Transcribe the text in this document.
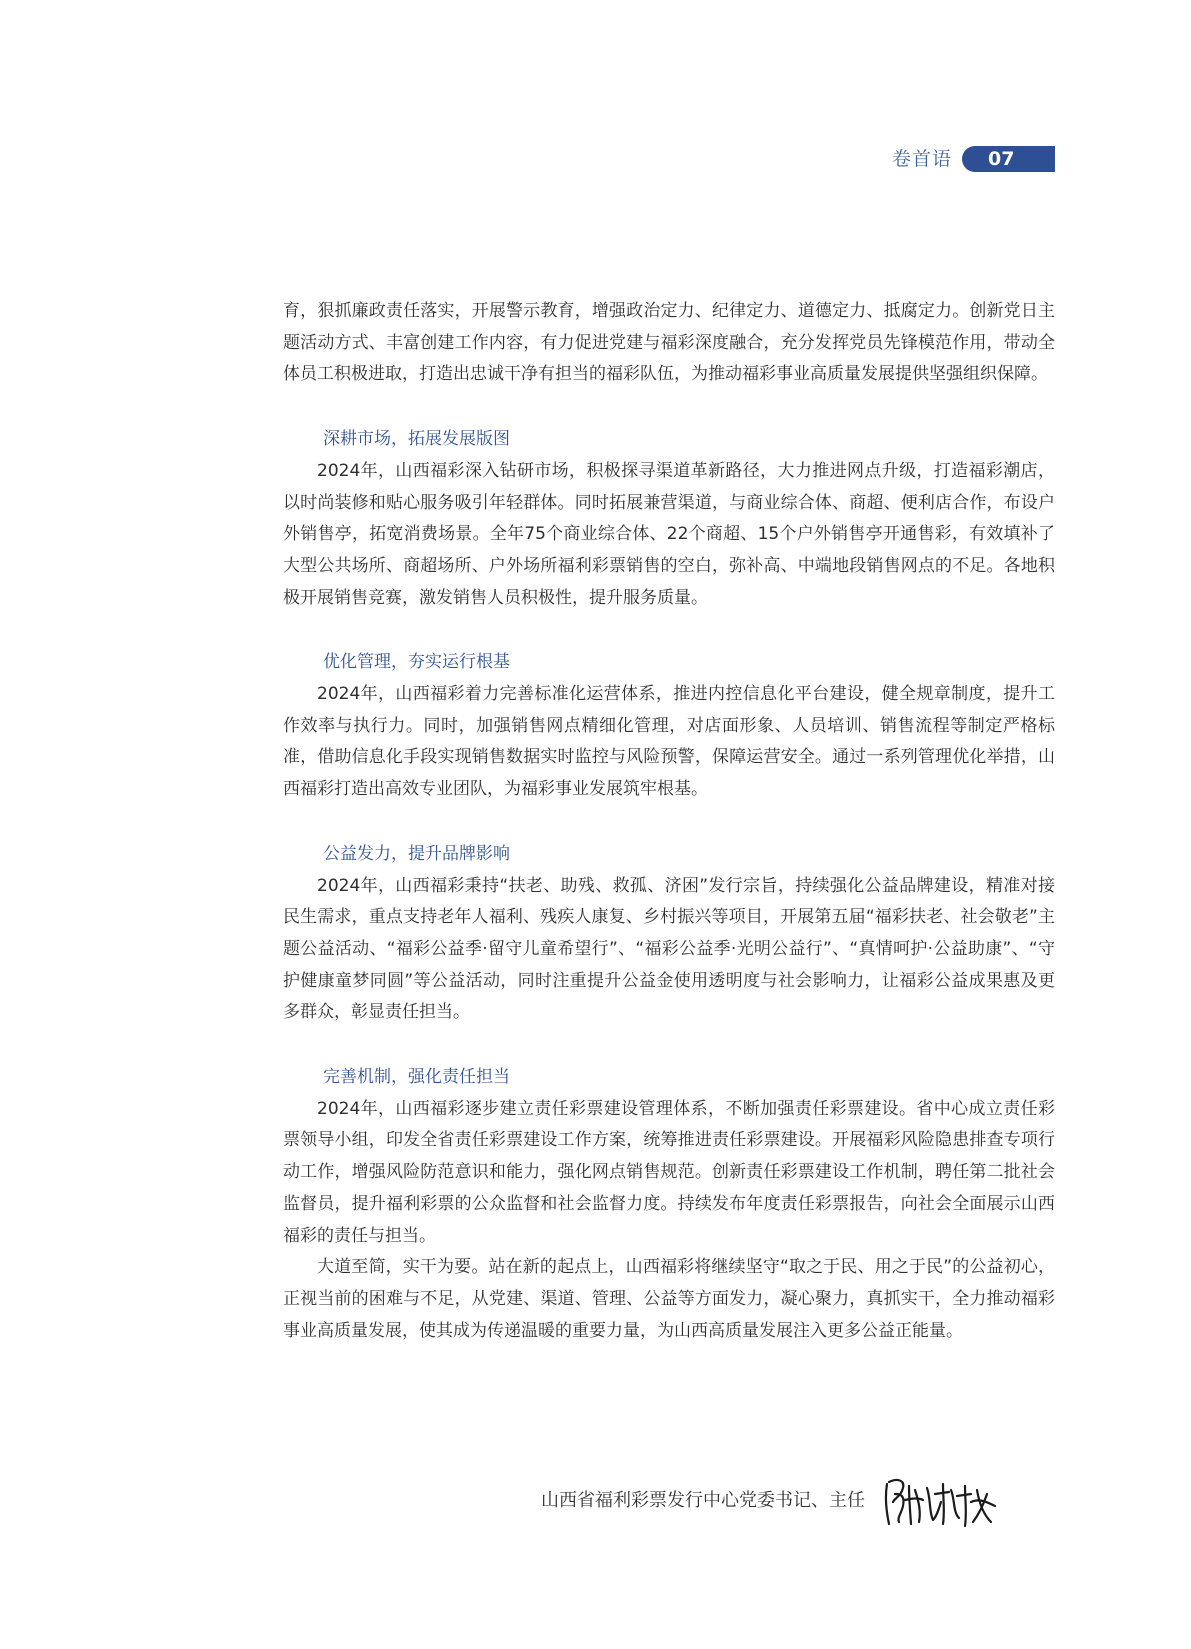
卷首语	07

育，狠抓廉政责任落实，开展警示教育，增强政治定力、纪律定力、道德定力、抵腐定力。创新党日主题活动方式、丰富创建工作内容，有力促进党建与福彩深度融合，充分发挥党员先锋模范作用，带动全体员工积极进取，打造出忠诚干净有担当的福彩队伍，为推动福彩事业高质量发展提供坚强组织保障。

深耕市场，拓展发展版图

2024年，山西福彩深入钻研市场，积极探寻渠道革新路径，大力推进网点升级，打造福彩潮店，以时尚装修和贴心服务吸引年轻群体。同时拓展兼营渠道，与商业综合体、商超、便利店合作，布设户外销售亭，拓宽消费场景。全年75个商业综合体、22个商超、15个户外销售亭开通售彩，有效填补了大型公共场所、商超场所、户外场所福利彩票销售的空白，弥补高、中端地段销售网点的不足。各地积极开展销售竞赛，激发销售人员积极性，提升服务质量。

优化管理，夯实运行根基

2024年，山西福彩着力完善标准化运营体系，推进内控信息化平台建设，健全规章制度，提升工作效率与执行力。同时，加强销售网点精细化管理，对店面形象、人员培训、销售流程等制定严格标准，借助信息化手段实现销售数据实时监控与风险预警，保障运营安全。通过一系列管理优化举措，山西福彩打造出高效专业团队，为福彩事业发展筑牢根基。

公益发力，提升品牌影响

2024年，山西福彩秉持“扶老、助残、救孤、济困”发行宗旨，持续强化公益品牌建设，精准对接民生需求，重点支持老年人福利、残疾人康复、乡村振兴等项目，开展第五届“福彩扶老、社会敬老”主题公益活动、“福彩公益季·留守儿童希望行”、“福彩公益季·光明公益行”、“真情呵护·公益助康”、“守护健康童梦同圆”等公益活动，同时注重提升公益金使用透明度与社会影响力，让福彩公益成果惠及更多群众，彰显责任担当。

完善机制，强化责任担当

2024年，山西福彩逐步建立责任彩票建设管理体系，不断加强责任彩票建设。省中心成立责任彩票领导小组，印发全省责任彩票建设工作方案，统筹推进责任彩票建设。开展福彩风险隐患排查专项行动工作，增强风险防范意识和能力，强化网点销售规范。创新责任彩票建设工作机制，聘任第二批社会监督员，提升福利彩票的公众监督和社会监督力度。持续发布年度责任彩票报告，向社会全面展示山西福彩的责任与担当。

大道至简，实干为要。站在新的起点上，山西福彩将继续坚守“取之于民、用之于民”的公益初心，正视当前的困难与不足，从党建、渠道、管理、公益等方面发力，凝心聚力，真抓实干，全力推动福彩事业高质量发展，使其成为传递温暖的重要力量，为山西高质量发展注入更多公益正能量。

山西省福利彩票发行中心党委书记、主任
